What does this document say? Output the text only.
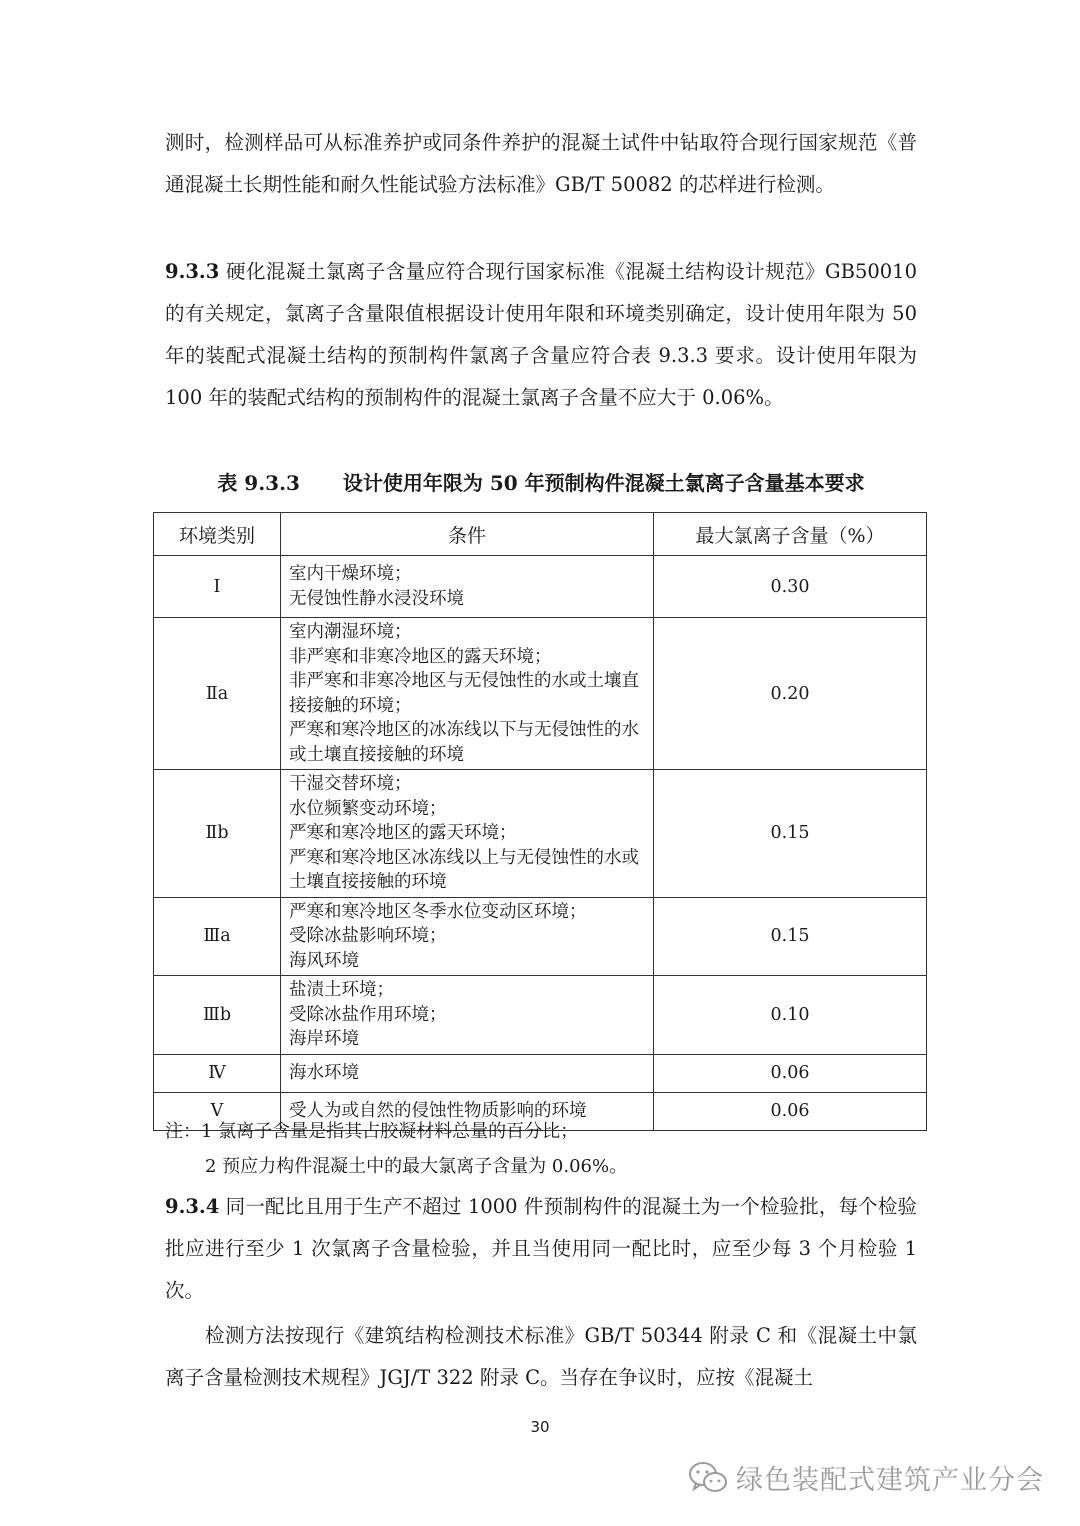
测时，检测样品可从标准养护或同条件养护的混凝土试件中钻取符合现行国家规范《普通混凝土长期性能和耐久性能试验方法标准》GB/T 50082 的芯样进行检测。

9.3.3 硬化混凝土氯离子含量应符合现行国家标准《混凝土结构设计规范》GB50010 的有关规定，氯离子含量限值根据设计使用年限和环境类别确定，设计使用年限为 50 年的装配式混凝土结构的预制构件氯离子含量应符合表 9.3.3 要求。设计使用年限为 100 年的装配式结构的预制构件的混凝土氯离子含量不应大于 0.06%。

表 9.3.3 设计使用年限为 50 年预制构件混凝土氯离子含量基本要求
环境类别	条件	最大氯离子含量（%）
Ⅰ	室内干燥环境；
无侵蚀性静水浸没环境	0.30
Ⅱa	室内潮湿环境；
非严寒和非寒冷地区的露天环境；
非严寒和非寒冷地区与无侵蚀性的水或土壤直接接触的环境；
严寒和寒冷地区的冰冻线以下与无侵蚀性的水或土壤直接接触的环境	0.20
Ⅱb	干湿交替环境；
水位频繁变动环境；
严寒和寒冷地区的露天环境；
严寒和寒冷地区冰冻线以上与无侵蚀性的水或土壤直接接触的环境	0.15
Ⅲa	严寒和寒冷地区冬季水位变动区环境；
受除冰盐影响环境；
海风环境	0.15
Ⅲb	盐渍土环境；
受除冰盐作用环境；
海岸环境	0.10
Ⅳ	海水环境	0.06
Ⅴ	受人为或自然的侵蚀性物质影响的环境	0.06
注：1 氯离子含量是指其占胶凝材料总量的百分比；
2 预应力构件混凝土中的最大氯离子含量为 0.06%。

9.3.4 同一配比且用于生产不超过 1000 件预制构件的混凝土为一个检验批，每个检验批应进行至少 1 次氯离子含量检验，并且当使用同一配比时，应至少每 3 个月检验 1 次。

检测方法按现行《建筑结构检测技术标准》GB/T 50344 附录 C 和《混凝土中氯离子含量检测技术规程》JGJ/T 322 附录 C。当存在争议时，应按《混凝土

30
绿色装配式建筑产业分会
